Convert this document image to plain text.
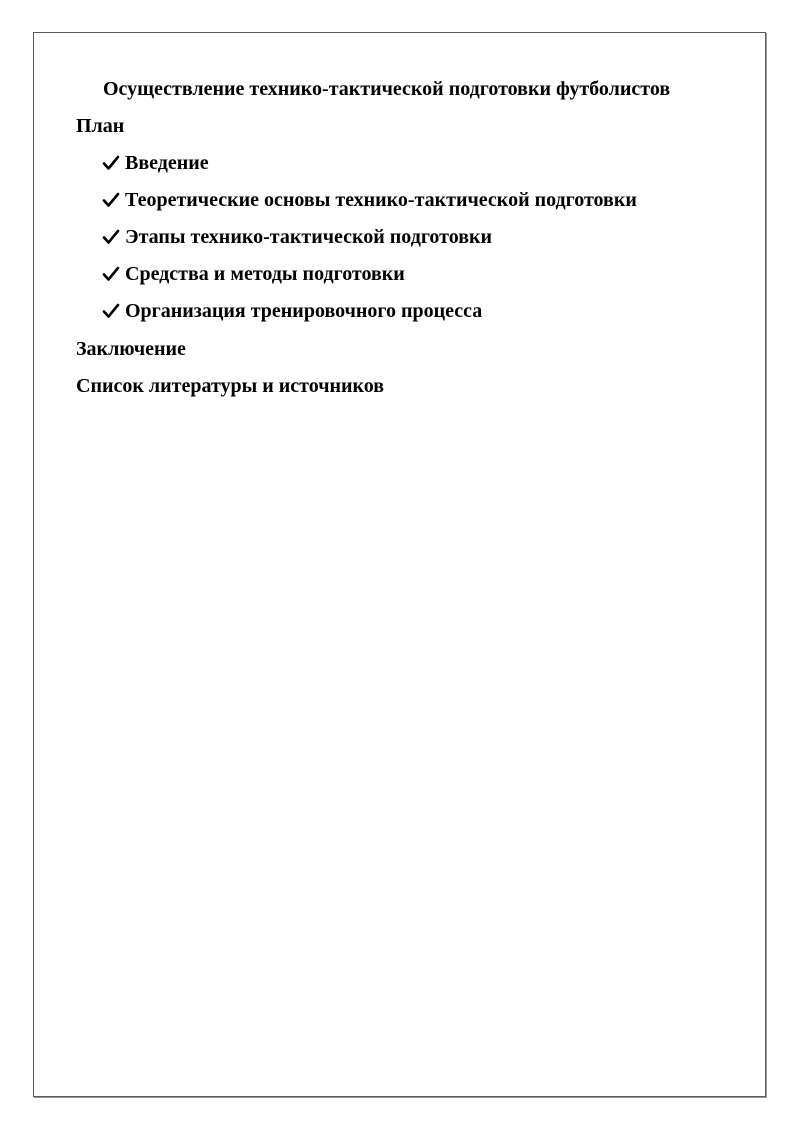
Осуществление технико-тактической подготовки футболистов
План
Введение
Теоретические основы технико-тактической подготовки
Этапы технико-тактической подготовки
Средства и методы подготовки
Организация тренировочного процесса
Заключение
Список литературы и источников
